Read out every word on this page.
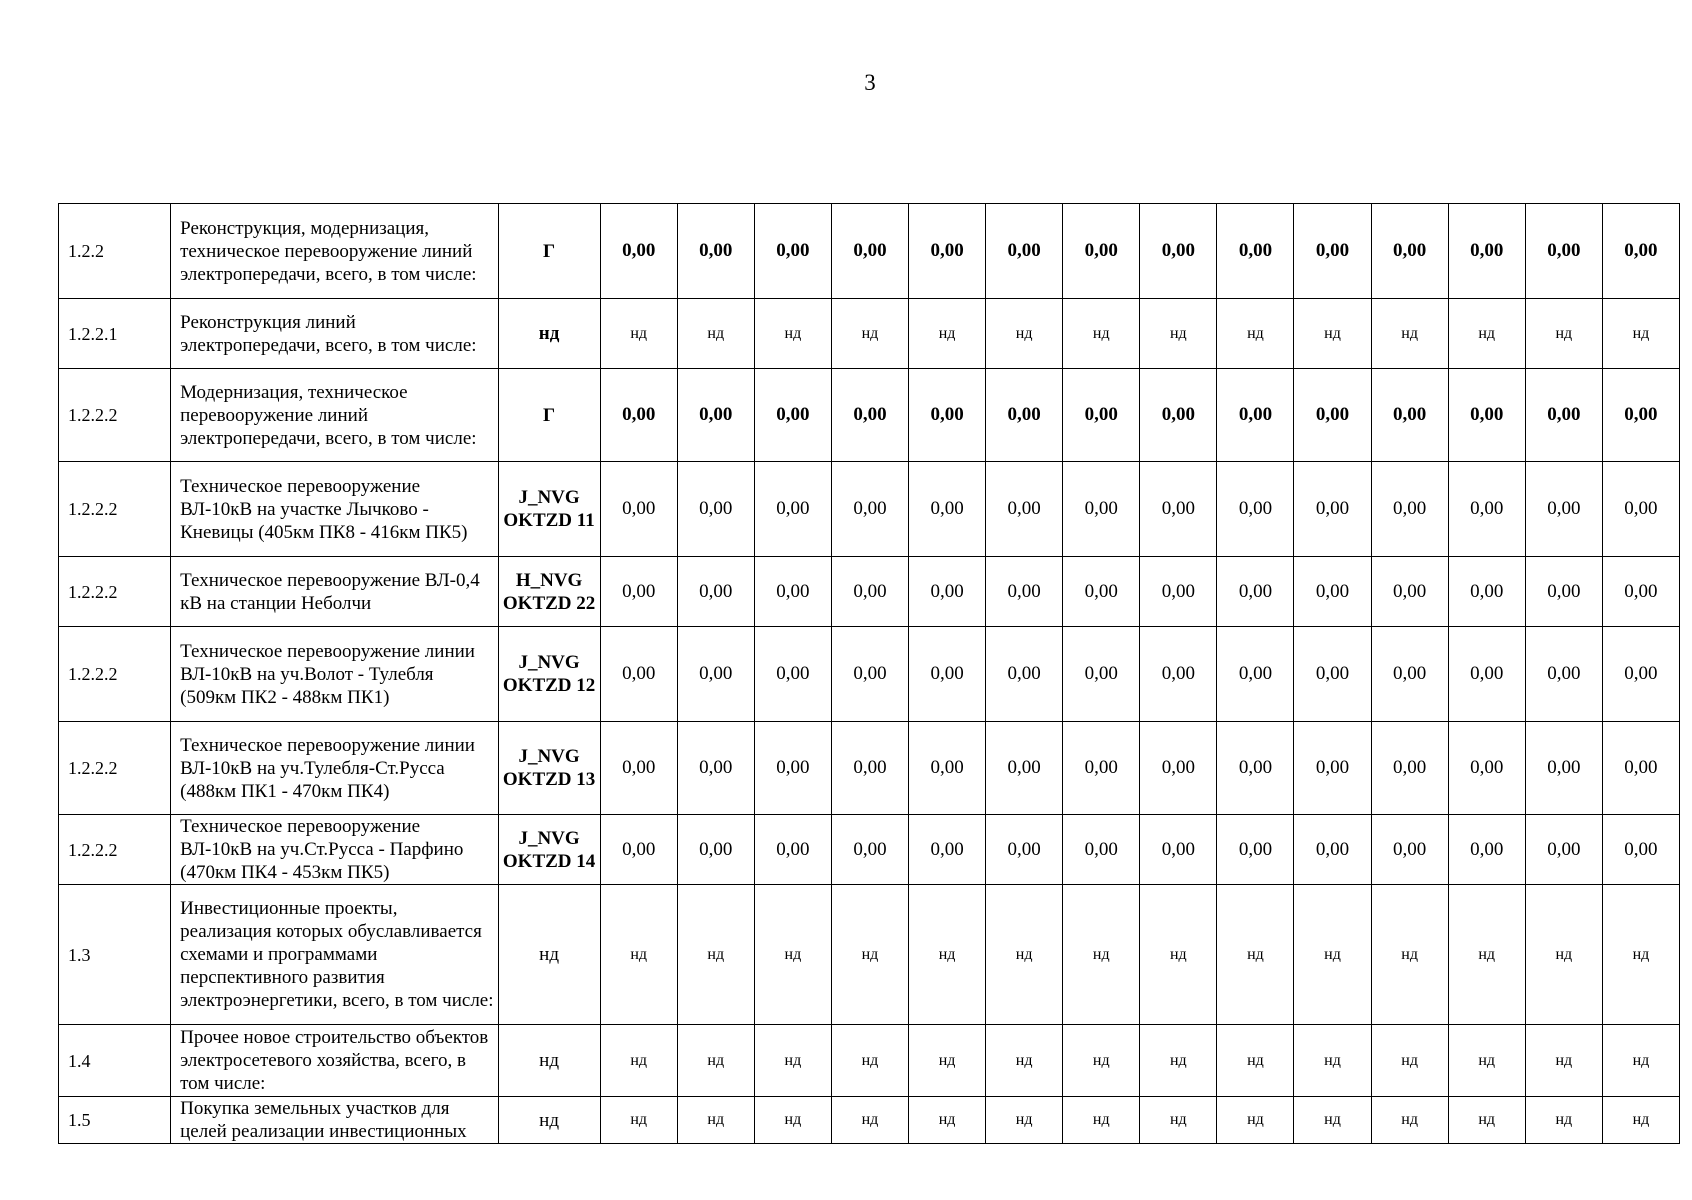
3
1.2.2	Реконструкция, модернизация, техническое перевооружение линий электропередачи, всего, в том числе:	Г	0,00	0,00	0,00	0,00	0,00	0,00	0,00	0,00	0,00	0,00	0,00	0,00	0,00	0,00
1.2.2.1	Реконструкция линий электропередачи, всего, в том числе:	нд	нд	нд	нд	нд	нд	нд	нд	нд	нд	нд	нд	нд	нд	нд
1.2.2.2	Модернизация, техническое перевооружение линий электропередачи, всего, в том числе:	Г	0,00	0,00	0,00	0,00	0,00	0,00	0,00	0,00	0,00	0,00	0,00	0,00	0,00	0,00
1.2.2.2	Техническое перевооружение ВЛ-10кВ на участке Лычково - Кневицы (405км ПК8 - 416км ПК5)	J_NVG OKTZD 11	0,00	0,00	0,00	0,00	0,00	0,00	0,00	0,00	0,00	0,00	0,00	0,00	0,00	0,00
1.2.2.2	Техническое перевооружение ВЛ-0,4 кВ на станции Неболчи	H_NVG OKTZD 22	0,00	0,00	0,00	0,00	0,00	0,00	0,00	0,00	0,00	0,00	0,00	0,00	0,00	0,00
1.2.2.2	Техническое перевооружение линии ВЛ-10кВ на уч.Волот - Тулебля (509км ПК2 - 488км ПК1)	J_NVG OKTZD 12	0,00	0,00	0,00	0,00	0,00	0,00	0,00	0,00	0,00	0,00	0,00	0,00	0,00	0,00
1.2.2.2	Техническое перевооружение линии ВЛ-10кВ на уч.Тулебля-Ст.Русса (488км ПК1 - 470км ПК4)	J_NVG OKTZD 13	0,00	0,00	0,00	0,00	0,00	0,00	0,00	0,00	0,00	0,00	0,00	0,00	0,00	0,00
1.2.2.2	Техническое перевооружение ВЛ-10кВ на уч.Ст.Русса - Парфино (470км ПК4 - 453км ПК5)	J_NVG OKTZD 14	0,00	0,00	0,00	0,00	0,00	0,00	0,00	0,00	0,00	0,00	0,00	0,00	0,00	0,00
1.3	Инвестиционные проекты, реализация которых обуславливается схемами и программами перспективного развития электроэнергетики, всего, в том числе:	нд	нд	нд	нд	нд	нд	нд	нд	нд	нд	нд	нд	нд	нд	нд
1.4	Прочее новое строительство объектов электросетевого хозяйства, всего, в том числе:	нд	нд	нд	нд	нд	нд	нд	нд	нд	нд	нд	нд	нд	нд	нд
1.5	Покупка земельных участков для целей реализации инвестиционных	нд	нд	нд	нд	нд	нд	нд	нд	нд	нд	нд	нд	нд	нд	нд
